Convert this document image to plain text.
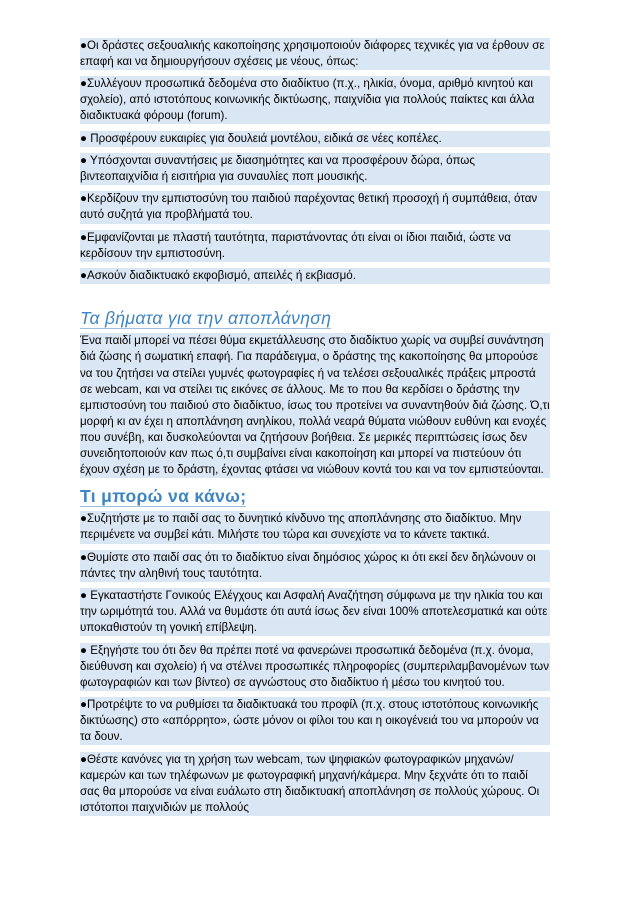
●Οι δράστες σεξουαλικής κακοποίησης χρησιμοποιούν διάφορες τεχνικές για να έρθουν σε επαφή και να δημιουργήσουν σχέσεις με νέους, όπως:

●Συλλέγουν προσωπικά δεδομένα στο διαδίκτυο (π.χ., ηλικία, όνομα, αριθμό κινητού και σχολείο), από ιστοτόπους κοινωνικής δικτύωσης, παιχνίδια για πολλούς παίκτες και άλλα διαδικτυακά φόρουμ (forum).

● Προσφέρουν ευκαιρίες για δουλειά μοντέλου, ειδικά σε νέες κοπέλες.

● Υπόσχονται συναντήσεις με διασημότητες και να προσφέρουν δώρα, όπως βιντεοπαιχνίδια ή εισιτήρια για συναυλίες ποπ μουσικής.

●Κερδίζουν την εμπιστοσύνη του παιδιού παρέχοντας θετική προσοχή ή συμπάθεια, όταν αυτό συζητά για προβλήματά του.

●Εμφανίζονται με πλαστή ταυτότητα, παριστάνοντας ότι είναι οι ίδιοι παιδιά, ώστε να κερδίσουν την εμπιστοσύνη.

●Ασκούν διαδικτυακό εκφοβισμό, απειλές ή εκβιασμό.

Τα βήματα για την αποπλάνηση

Ένα παιδί μπορεί να πέσει θύμα εκμετάλλευσης στο διαδίκτυο χωρίς να συμβεί συνάντηση διά ζώσης ή σωματική επαφή. Για παράδειγμα, ο δράστης της κακοποίησης θα μπορούσε να του ζητήσει να στείλει γυμνές φωτογραφίες ή να τελέσει σεξουαλικές πράξεις μπροστά σε webcam, και να στείλει τις εικόνες σε άλλους. Με το που θα κερδίσει ο δράστης την εμπιστοσύνη του παιδιού στο διαδίκτυο, ίσως του προτείνει να συναντηθούν διά ζώσης. Ό,τι μορφή κι αν έχει η αποπλάνηση ανηλίκου, πολλά νεαρά θύματα νιώθουν ευθύνη και ενοχές που συνέβη, και δυσκολεύονται να ζητήσουν βοήθεια. Σε μερικές περιπτώσεις ίσως δεν συνειδητοποιούν καν πως ό,τι συμβαίνει είναι κακοποίηση και μπορεί να πιστεύουν ότι έχουν σχέση με το δράστη, έχοντας φτάσει να νιώθουν κοντά του και να τον εμπιστεύονται.

Τι μπορώ να κάνω;

●Συζητήστε με το παιδί σας το δυνητικό κίνδυνο της αποπλάνησης στο διαδίκτυο. Μην περιμένετε να συμβεί κάτι. Μιλήστε του τώρα και συνεχίστε να το κάνετε τακτικά.

●Θυμίστε στο παιδί σας ότι το διαδίκτυο είναι δημόσιος χώρος κι ότι εκεί δεν δηλώνουν οι πάντες την αληθινή τους ταυτότητα.

● Εγκαταστήστε Γονικούς Ελέγχους και Ασφαλή Αναζήτηση σύμφωνα με την ηλικία του και την ωριμότητά του. Αλλά να θυμάστε ότι αυτά ίσως δεν είναι 100% αποτελεσματικά και ούτε υποκαθιστούν τη γονική επίβλεψη.

● Εξηγήστε του ότι δεν θα πρέπει ποτέ να φανερώνει προσωπικά δεδομένα (π.χ. όνομα, διεύθυνση και σχολείο) ή να στέλνει προσωπικές πληροφορίες (συμπεριλαμβανομένων των φωτογραφιών και των βίντεο) σε αγνώστους στο διαδίκτυο ή μέσω του κινητού του.

●Προτρέψτε το να ρυθμίσει τα διαδικτυακά του προφίλ (π.χ. στους ιστοτόπους κοινωνικής δικτύωσης) στο «απόρρητο», ώστε μόνον οι φίλοι του και η οικογένειά του να μπορούν να τα δουν.

●Θέστε κανόνες για τη χρήση των webcam, των ψηφιακών φωτογραφικών μηχανών/καμερών και των τηλέφωνων με φωτογραφική μηχανή/κάμερα. Μην ξεχνάτε ότι το παιδί σας θα μπορούσε να είναι ευάλωτο στη διαδικτυακή αποπλάνηση σε πολλούς χώρους. Οι ιστότοποι παιχνιδιών με πολλούς
